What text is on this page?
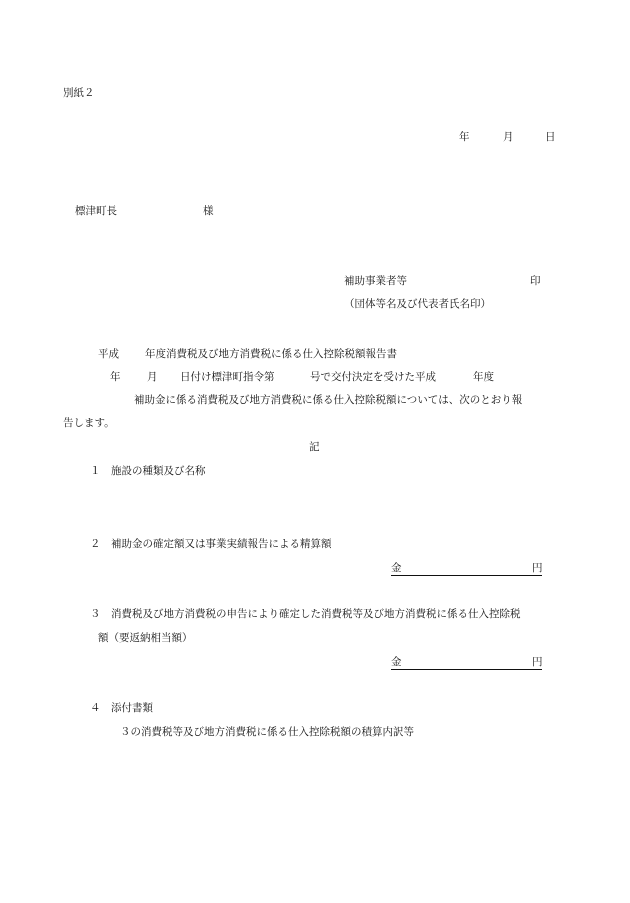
別紙２
年	月	日
標津町長	様
補助事業者等	印
（団体等名及び代表者氏名印）
平成 年度消費税及び地方消費税に係る仕入控除税額報告書
年	月 日付け標津町指令第	号で交付決定を受けた平成	年度
補助金に係る消費税及び地方消費税に係る仕入控除税額については、次のとおり報
告します。
記
１ 施設の種類及び名称
２ 補助金の確定額又は事業実績報告による精算額
金	円
３ 消費税及び地方消費税の申告により確定した消費税等及び地方消費税に係る仕入控除税
額（要返納相当額）
金	円
４ 添付書類
３の消費税等及び地方消費税に係る仕入控除税額の積算内訳等
